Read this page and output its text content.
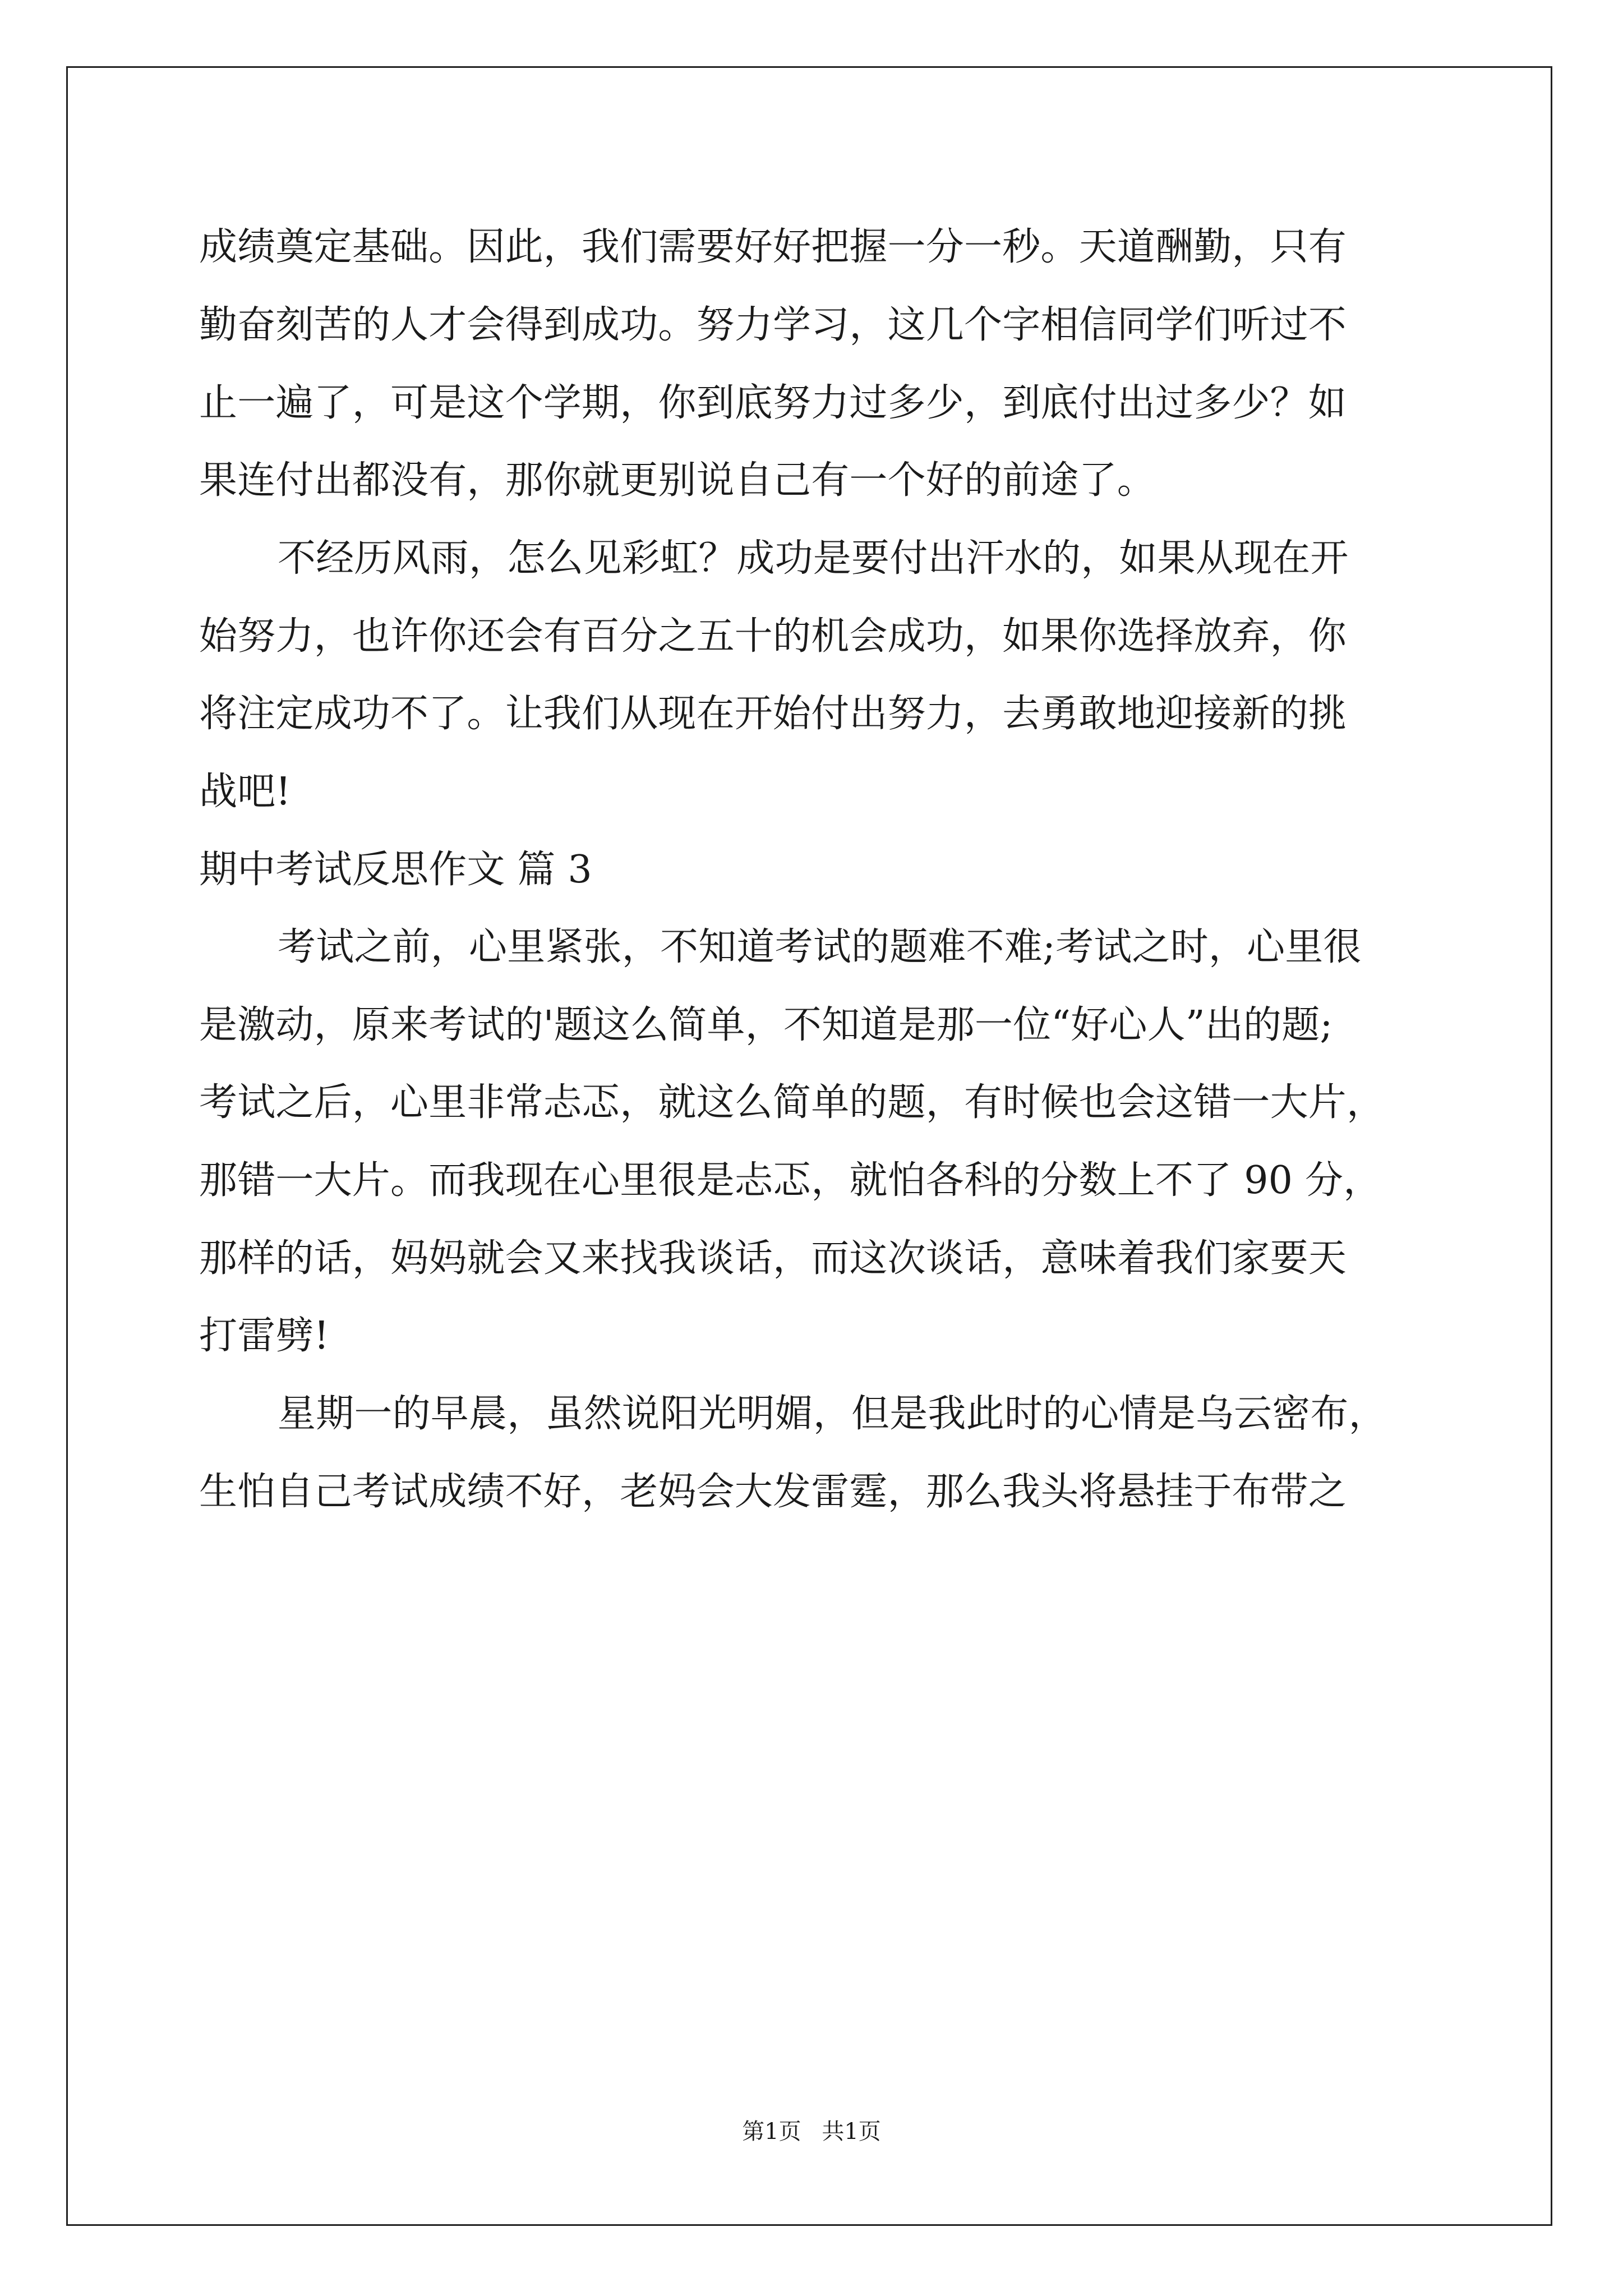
成绩奠定基础。因此，我们需要好好把握一分一秒。天道酬勤，只有
勤奋刻苦的人才会得到成功。努力学习，这几个字相信同学们听过不
止一遍了，可是这个学期，你到底努力过多少，到底付出过多少？如
果连付出都没有，那你就更别说自己有一个好的前途了。
不经历风雨，怎么见彩虹？成功是要付出汗水的，如果从现在开
始努力，也许你还会有百分之五十的机会成功，如果你选择放弃，你
将注定成功不了。让我们从现在开始付出努力，去勇敢地迎接新的挑
战吧!
期中考试反思作文 篇 3
考试之前，心里紧张，不知道考试的题难不难;考试之时，心里很
是激动，原来考试的'题这么简单，不知道是那一位“好心人”出的题;
考试之后，心里非常忐忑，就这么简单的题，有时候也会这错一大片，
那错一大片。而我现在心里很是忐忑，就怕各科的分数上不了 90 分，
那样的话，妈妈就会又来找我谈话，而这次谈话，意味着我们家要天
打雷劈!
星期一的早晨，虽然说阳光明媚，但是我此时的心情是乌云密布，
生怕自己考试成绩不好，老妈会大发雷霆，那么我头将悬挂于布带之
第1页 共1页
